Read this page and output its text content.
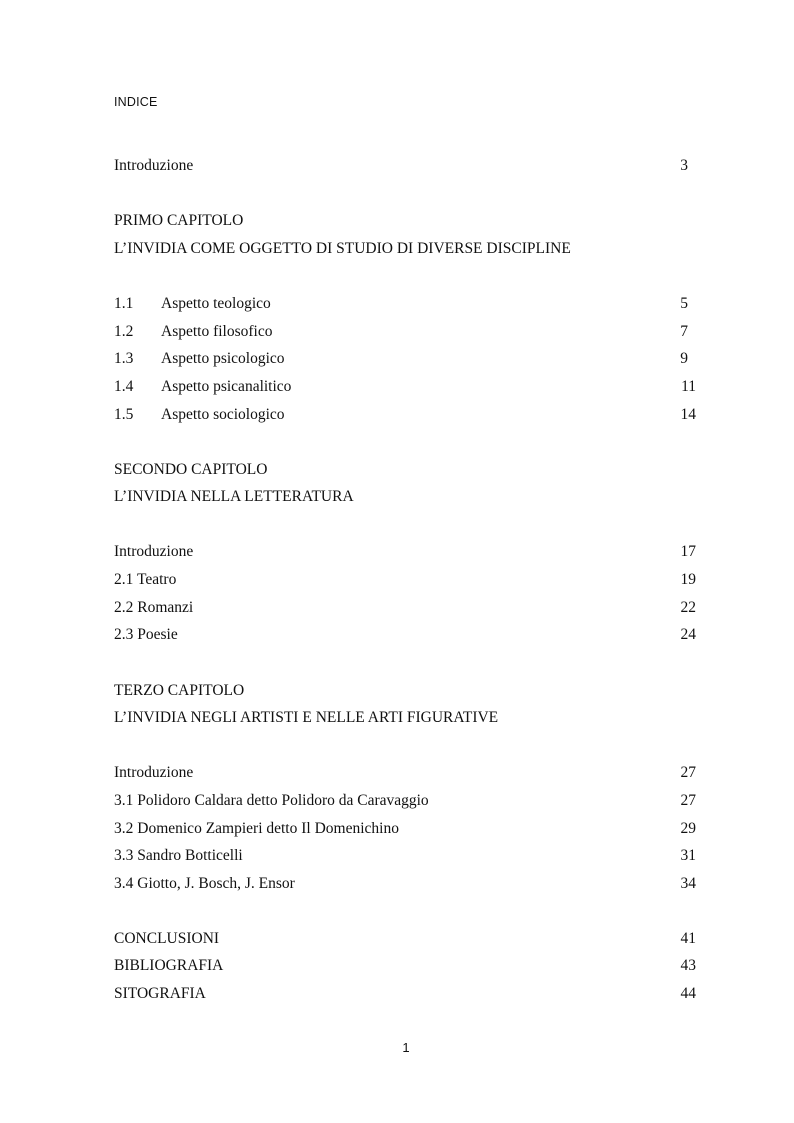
INDICE
Introduzione	3
PRIMO CAPITOLO
L’INVIDIA COME OGGETTO DI STUDIO DI DIVERSE DISCIPLINE
1.1 Aspetto teologico	5
1.2 Aspetto filosofico	7
1.3 Aspetto psicologico	9
1.4 Aspetto psicanalitico	11
1.5 Aspetto sociologico	14
SECONDO CAPITOLO
L’INVIDIA NELLA LETTERATURA
Introduzione	17
2.1 Teatro	19
2.2 Romanzi	22
2.3 Poesie	24
TERZO CAPITOLO
L’INVIDIA NEGLI ARTISTI E NELLE ARTI FIGURATIVE
Introduzione	27
3.1 Polidoro Caldara detto Polidoro da Caravaggio	27
3.2 Domenico Zampieri detto Il Domenichino	29
3.3 Sandro Botticelli	31
3.4 Giotto, J. Bosch, J. Ensor	34
CONCLUSIONI	41
BIBLIOGRAFIA	43
SITOGRAFIA	44
1
